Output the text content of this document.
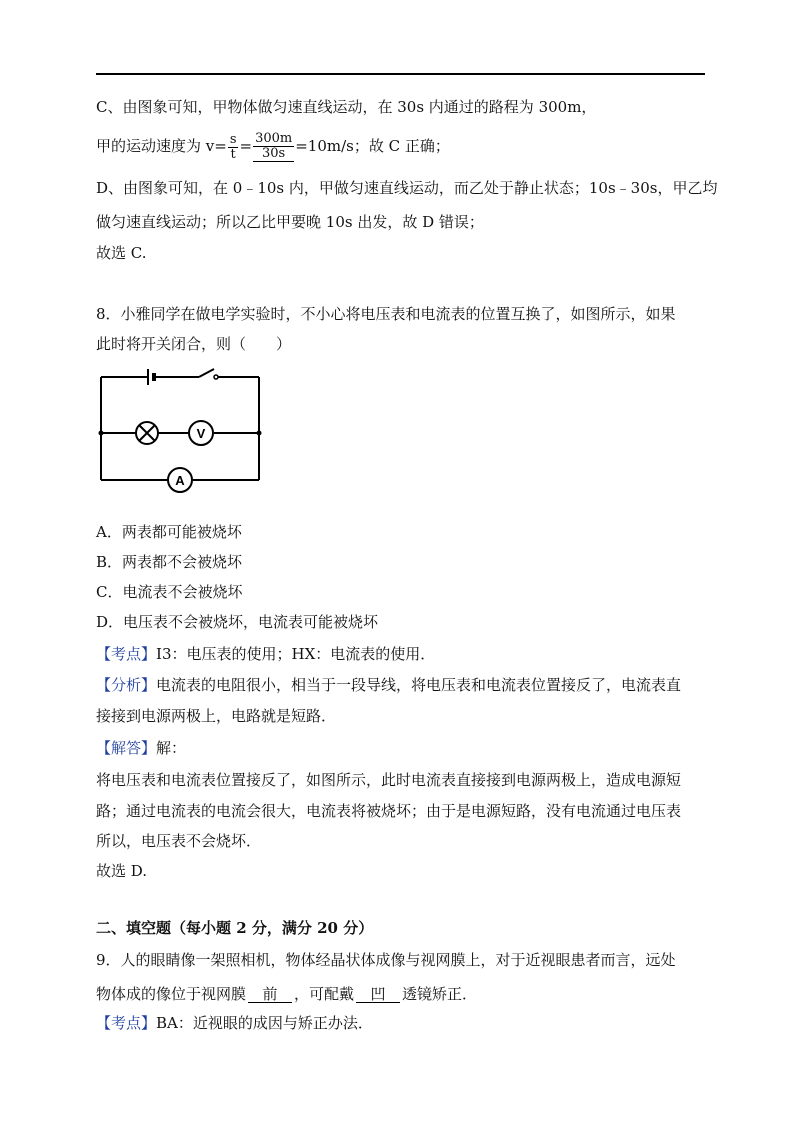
C、由图象可知，甲物体做匀速直线运动，在 30s 内通过的路程为 300m，
甲的运动速度为 $v= \frac{s}{t} = \frac{300m}{30s} =10m/s$；故 C 正确；
D、由图象可知，在 0﹣10s 内，甲做匀速直线运动，而乙处于静止状态；10s﹣30s，甲乙均
做匀速直线运动；所以乙比甲要晚 10s 出发，故 D 错误；
故选 C.
8．小雅同学在做电学实验时，不小心将电压表和电流表的位置互换了，如图所示，如果
此时将开关闭合，则（　　）
V
A
A．两表都可能被烧坏
B．两表都不会被烧坏
C．电流表不会被烧坏
D．电压表不会被烧坏，电流表可能被烧坏
【考点】I3：电压表的使用；HX：电流表的使用．
【分析】电流表的电阻很小，相当于一段导线，将电压表和电流表位置接反了，电流表直
接接到电源两极上，电路就是短路．
【解答】解：
将电压表和电流表位置接反了，如图所示，此时电流表直接接到电源两极上，造成电源短
路；通过电流表的电流会很大，电流表将被烧坏；由于是电源短路，没有电流通过电压表
所以，电压表不会烧坏．
故选 D.
二、填空题（每小题 2 分，满分 20 分）
9．人的眼睛像一架照相机，物体经晶状体成像与视网膜上，对于近视眼患者而言，远处
物体成的像位于视网膜 前 ，可配戴 凹 透镜矫正．
【考点】BA：近视眼的成因与矫正办法．
